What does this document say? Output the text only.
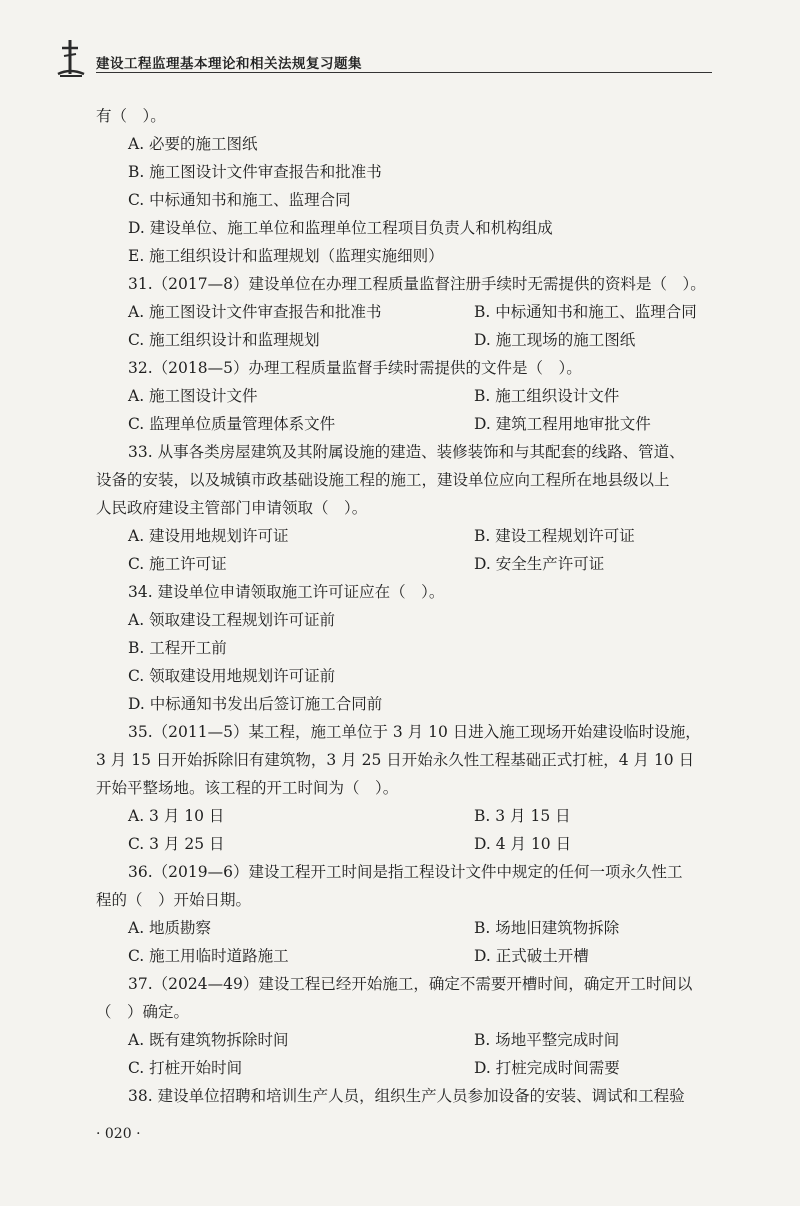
建设工程监理基本理论和相关法规复习题集
有（　）。
A. 必要的施工图纸
B. 施工图设计文件审查报告和批准书
C. 中标通知书和施工、监理合同
D. 建设单位、施工单位和监理单位工程项目负责人和机构组成
E. 施工组织设计和监理规划（监理实施细则）
31.（2017—8）建设单位在办理工程质量监督注册手续时无需提供的资料是（　）。
A. 施工图设计文件审查报告和批准书	B. 中标通知书和施工、监理合同
C. 施工组织设计和监理规划	D. 施工现场的施工图纸
32.（2018—5）办理工程质量监督手续时需提供的文件是（　）。
A. 施工图设计文件	B. 施工组织设计文件
C. 监理单位质量管理体系文件	D. 建筑工程用地审批文件
33. 从事各类房屋建筑及其附属设施的建造、装修装饰和与其配套的线路、管道、
设备的安装，以及城镇市政基础设施工程的施工，建设单位应向工程所在地县级以上
人民政府建设主管部门申请领取（　）。
A. 建设用地规划许可证	B. 建设工程规划许可证
C. 施工许可证	D. 安全生产许可证
34. 建设单位申请领取施工许可证应在（　）。
A. 领取建设工程规划许可证前
B. 工程开工前
C. 领取建设用地规划许可证前
D. 中标通知书发出后签订施工合同前
35.（2011—5）某工程，施工单位于 3 月 10 日进入施工现场开始建设临时设施，
3 月 15 日开始拆除旧有建筑物，3 月 25 日开始永久性工程基础正式打桩，4 月 10 日
开始平整场地。该工程的开工时间为（　）。
A. 3 月 10 日	B. 3 月 15 日
C. 3 月 25 日	D. 4 月 10 日
36.（2019—6）建设工程开工时间是指工程设计文件中规定的任何一项永久性工
程的（　）开始日期。
A. 地质勘察	B. 场地旧建筑物拆除
C. 施工用临时道路施工	D. 正式破土开槽
37.（2024—49）建设工程已经开始施工，确定不需要开槽时间，确定开工时间以
（　）确定。
A. 既有建筑物拆除时间	B. 场地平整完成时间
C. 打桩开始时间	D. 打桩完成时间需要
38. 建设单位招聘和培训生产人员，组织生产人员参加设备的安装、调试和工程验
· 020 ·
